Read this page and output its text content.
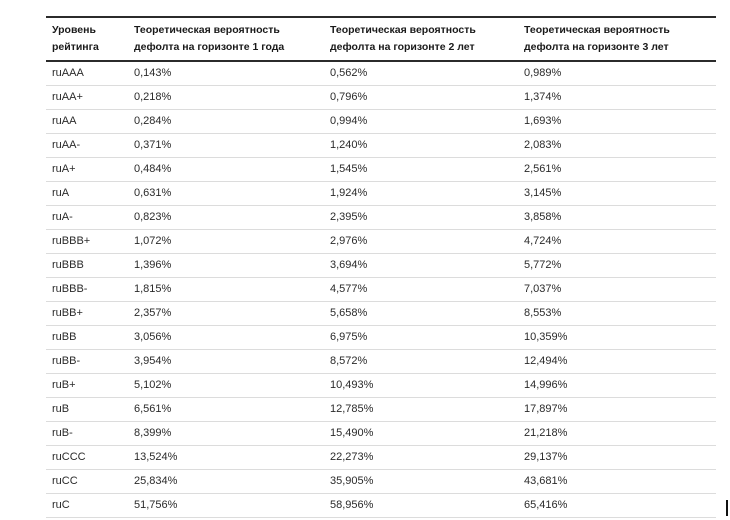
Уровень рейтинга	Теоретическая вероятность дефолта на горизонте 1 года	Теоретическая вероятность дефолта на горизонте 2 лет	Теоретическая вероятность дефолта на горизонте 3 лет
ruAAA	0,143%	0,562%	0,989%
ruAA+	0,218%	0,796%	1,374%
ruAA	0,284%	0,994%	1,693%
ruAA-	0,371%	1,240%	2,083%
ruA+	0,484%	1,545%	2,561%
ruA	0,631%	1,924%	3,145%
ruA-	0,823%	2,395%	3,858%
ruBBB+	1,072%	2,976%	4,724%
ruBBB	1,396%	3,694%	5,772%
ruBBB-	1,815%	4,577%	7,037%
ruBB+	2,357%	5,658%	8,553%
ruBB	3,056%	6,975%	10,359%
ruBB-	3,954%	8,572%	12,494%
ruB+	5,102%	10,493%	14,996%
ruB	6,561%	12,785%	17,897%
ruB-	8,399%	15,490%	21,218%
ruCCC	13,524%	22,273%	29,137%
ruCC	25,834%	35,905%	43,681%
ruC	51,756%	58,956%	65,416%
